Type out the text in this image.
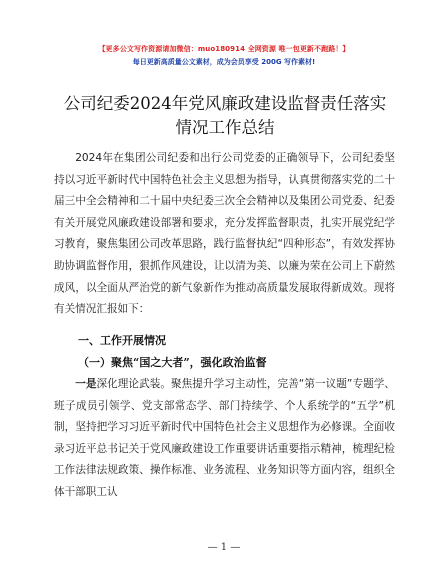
【更多公文写作资源请加微信：muo180914 全网资源 唯一包更新不跑路！】
每日更新高质量公文素材，成为会员享受 200G 写作素材!
公司纪委2024年党风廉政建设监督责任落实情况工作总结

2024年在集团公司纪委和出行公司党委的正确领导下，公司纪委坚持以习近平新时代中国特色社会主义思想为指导，认真贯彻落实党的二十届三中全会精神和二十届中央纪委三次全会精神以及集团公司党委、纪委有关开展党风廉政建设部署和要求，充分发挥监督职责，扎实开展党纪学习教育，聚焦集团公司改革思路，践行监督执纪“四种形态”，有效发挥协助协调监督作用，狠抓作风建设，让以清为美、以廉为荣在公司上下蔚然成风，以全面从严治党的新气象新作为推动高质量发展取得新成效。现将有关情况汇报如下：

一、工作开展情况
（一）聚焦“国之大者”，强化政治监督

一是深化理论武装。聚焦提升学习主动性，完善“第一议题”专题学、班子成员引领学、党支部常态学、部门持续学、个人系统学的“五学”机制，坚持把学习习近平新时代中国特色社会主义思想作为必修课。全面收录习近平总书记关于党风廉政建设工作重要讲话重要指示精神，梳理纪检工作法律法规政策、操作标准、业务流程、业务知识等方面内容，组织全体干部职工认

— 1 —
